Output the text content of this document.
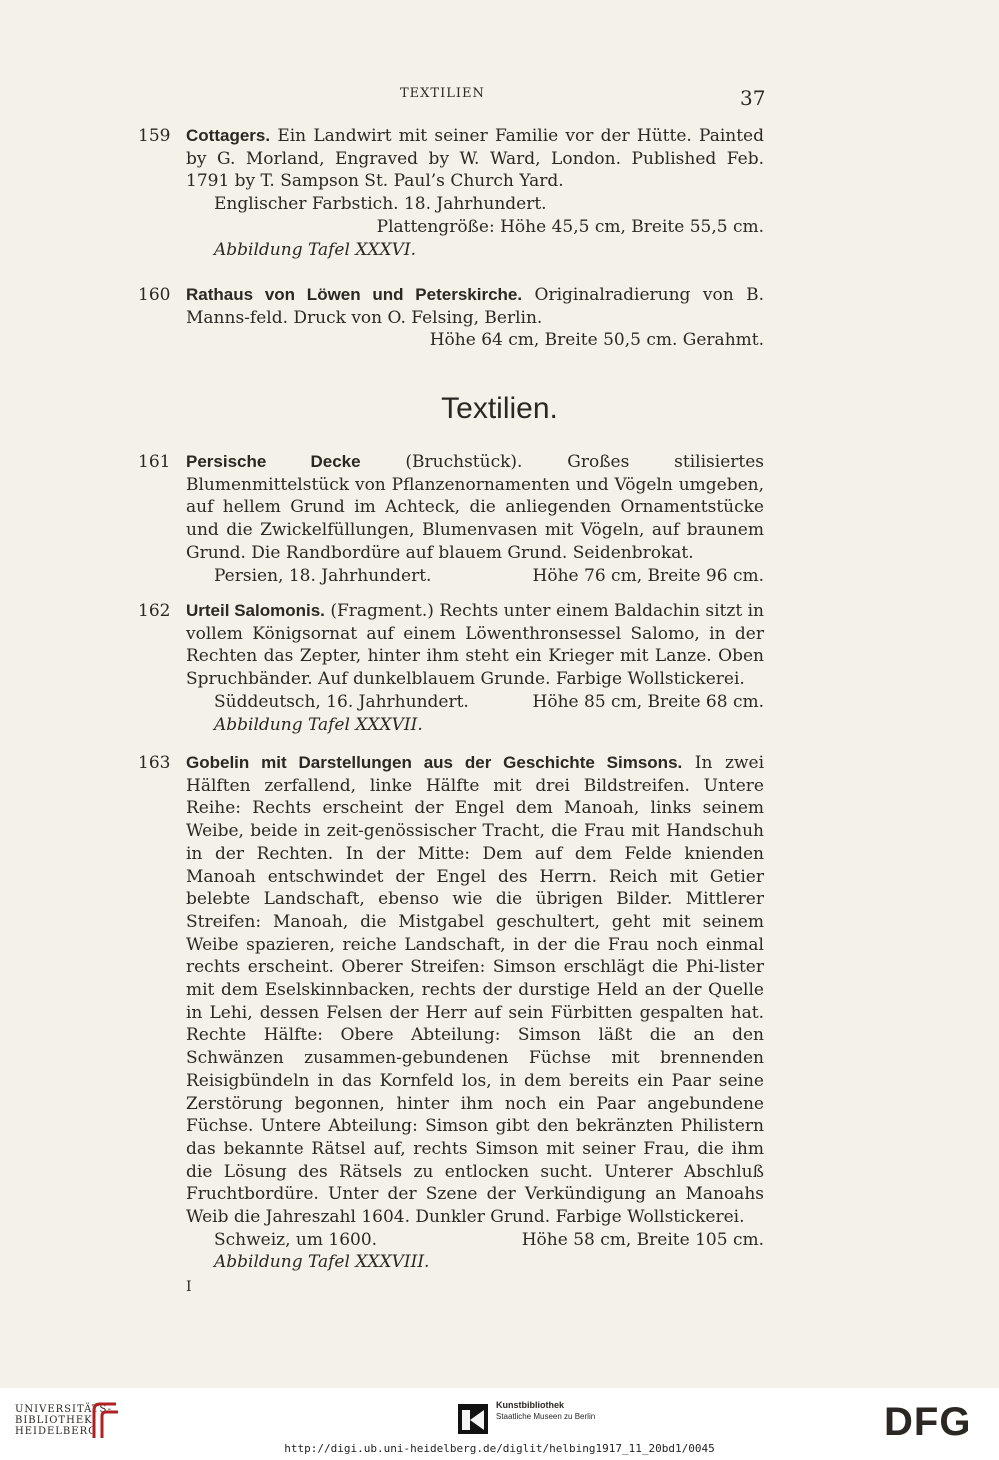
TEXTILIEN	37
159 Cottagers. Ein Landwirt mit seiner Familie vor der Hütte. Painted by G. Morland, Engraved by W. Ward, London. Published Feb. 1791 by T. Sampson St. Paul’s Church Yard.
Englischer Farbstich. 18. Jahrhundert.
Plattengröße: Höhe 45,5 cm, Breite 55,5 cm.
Abbildung Tafel XXXVI.
160 Rathaus von Löwen und Peterskirche. Originalradierung von B. Manns-feld. Druck von O. Felsing, Berlin.
Höhe 64 cm, Breite 50,5 cm. Gerahmt.
Textilien.
161 Persische Decke	(Bruchstück). Großes stilisiertes Blumenmittelstück von Pflanzenornamenten und Vögeln umgeben, auf hellem Grund im Achteck, die anliegenden Ornamentstücke und die Zwickelfüllungen, Blumenvasen mit Vögeln, auf braunem Grund. Die Randbordüre auf blauem Grund. Seidenbrokat.
Persien, 18. Jahrhundert.	Höhe 76 cm, Breite 96 cm.
162 Urteil Salomonis. (Fragment.) Rechts unter einem Baldachin sitzt in vollem Königsornat auf einem Löwenthronsessel Salomo, in der Rechten das Zepter, hinter ihm steht ein Krieger mit Lanze. Oben Spruchbänder. Auf dunkelblauem Grunde. Farbige Wollstickerei.
Süddeutsch, 16. Jahrhundert.	Höhe 85 cm, Breite 68 cm.
Abbildung Tafel XXXVII.
163 Gobelin mit Darstellungen aus der Geschichte Simsons. In zwei Hälften zerfallend, linke Hälfte mit drei Bildstreifen. Untere Reihe: Rechts erscheint der Engel dem Manoah, links seinem Weibe, beide in zeit-genössischer Tracht, die Frau mit Handschuh in der Rechten. In der Mitte: Dem auf dem Felde knienden Manoah entschwindet der Engel des Herrn. Reich mit Getier belebte Landschaft, ebenso wie die übrigen Bilder. Mittlerer Streifen: Manoah, die Mistgabel geschultert, geht mit seinem Weibe spazieren, reiche Landschaft, in der die Frau noch einmal rechts erscheint. Oberer Streifen: Simson erschlägt die Phi-lister mit dem Eselskinnbacken, rechts der durstige Held an der Quelle in Lehi, dessen Felsen der Herr auf sein Fürbitten gespalten hat. Rechte Hälfte: Obere Abteilung: Simson läßt die an den Schwänzen zusammen-gebundenen Füchse mit brennenden Reisigbündeln in das Kornfeld los, in dem bereits ein Paar seine Zerstörung begonnen, hinter ihm noch ein Paar angebundene Füchse. Untere Abteilung: Simson gibt den bekränzten Philistern das bekannte Rätsel auf, rechts Simson mit seiner Frau, die ihm die Lösung des Rätsels zu entlocken sucht. Unterer Abschluß Fruchtbordüre. Unter der Szene der Verkündigung an Manoahs Weib die Jahreszahl 1604. Dunkler Grund. Farbige Wollstickerei.
Schweiz, um 1600.	Höhe 58 cm, Breite 105 cm.
Abbildung Tafel XXXVIII.
I
UNIVERSITÄTS-
BIBLIOTHEK
HEIDELBERG
Kunstbibliothek
Staatliche Museen zu Berlin	DFG
http://digi.ub.uni-heidelberg.de/diglit/helbing1917_11_20bd1/0045
